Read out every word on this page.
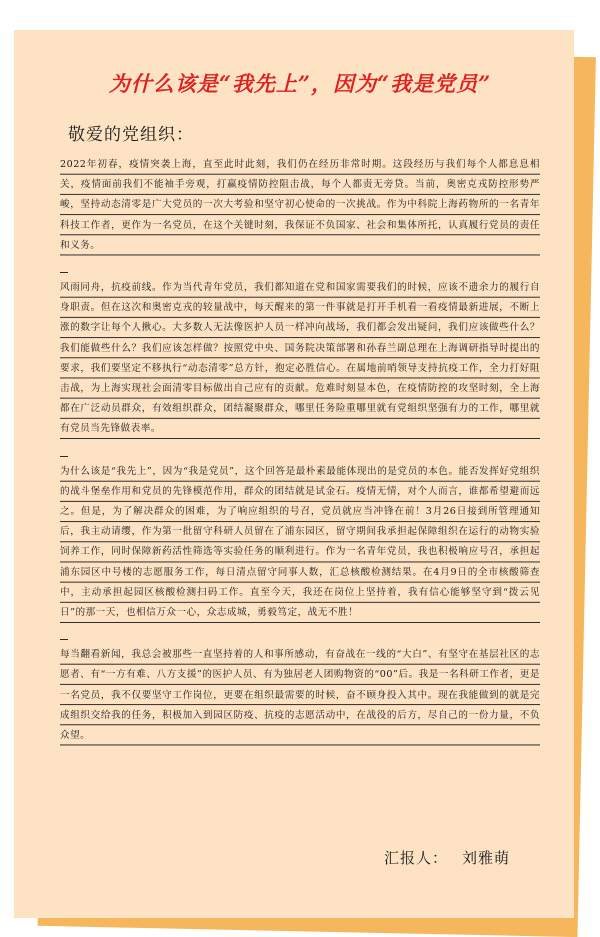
为什么该是“我先上”，因为“我是党员”
敬爱的党组织：

2022年初春，疫情突袭上海，直至此时此刻，我们仍在经历非常时期。这段经历与我们每个人都息息相关，疫情面前我们不能袖手旁观，打赢疫情防控阻击战，每个人都责无旁贷。当前，奥密克戎防控形势严峻，坚持动态清零是广大党员的一次大考验和坚守初心使命的一次挑战。作为中科院上海药物所的一名青年科技工作者，更作为一名党员，在这个关键时刻，我保证不负国家、社会和集体所托，认真履行党员的责任和义务。

风雨同舟，抗疫前线。作为当代青年党员，我们都知道在党和国家需要我们的时候，应该不遗余力的履行自身职责。但在这次和奥密克戎的较量战中，每天醒来的第一件事就是打开手机看一看疫情最新进展，不断上涨的数字让每个人揪心。大多数人无法像医护人员一样冲向战场，我们都会发出疑问，我们应该做些什么？我们能做些什么？我们应该怎样做？按照党中央、国务院决策部署和孙春兰副总理在上海调研指导时提出的要求，我们要坚定不移执行“动态清零”总方针，抱定必胜信心。在属地前哨领导支持抗疫工作，全力打好阻击战，为上海实现社会面清零目标做出自己应有的贡献。危难时刻显本色，在疫情防控的攻坚时刻，全上海都在广泛动员群众，有效组织群众，团结凝聚群众，哪里任务险重哪里就有党组织坚强有力的工作，哪里就有党员当先锋做表率。

为什么该是“我先上”，因为“我是党员”，这个回答是最朴素最能体现出的是党员的本色。能否发挥好党组织的战斗堡垒作用和党员的先锋模范作用，群众的团结就是试金石。疫情无情，对个人而言，谁都希望避而远之。但是，为了解决群众的困难，为了响应组织的号召，党员就应当冲锋在前！3月26日接到所管理通知后，我主动请缨，作为第一批留守科研人员留在了浦东园区，留守期间我承担起保障组织在运行的动物实验饲养工作，同时保障新药活性筛选等实验任务的顺利进行。作为一名青年党员，我也积极响应号召，承担起浦东园区中号楼的志愿服务工作，每日清点留守同事人数，汇总核酸检测结果。在4月9日的全市核酸筛查中，主动承担起园区核酸检测扫码工作。直至今天，我还在岗位上坚持着，我有信心能够坚守到“拨云见日”的那一天，也相信万众一心，众志成城，勇毅笃定，战无不胜！

每当翻看新闻，我总会被那些一直坚持着的人和事所感动，有奋战在一线的“大白”、有坚守在基层社区的志愿者、有“一方有难、八方支援”的医护人员、有为独居老人团购物资的“00”后。我是一名科研工作者，更是一名党员，我不仅要坚守工作岗位，更要在组织最需要的时候，奋不顾身投入其中。现在我能做到的就是完成组织交给我的任务，积极加入到园区防疫、抗疫的志愿活动中，在战役的后方，尽自己的一份力量，不负众望。

汇报人： 刘雅萌
